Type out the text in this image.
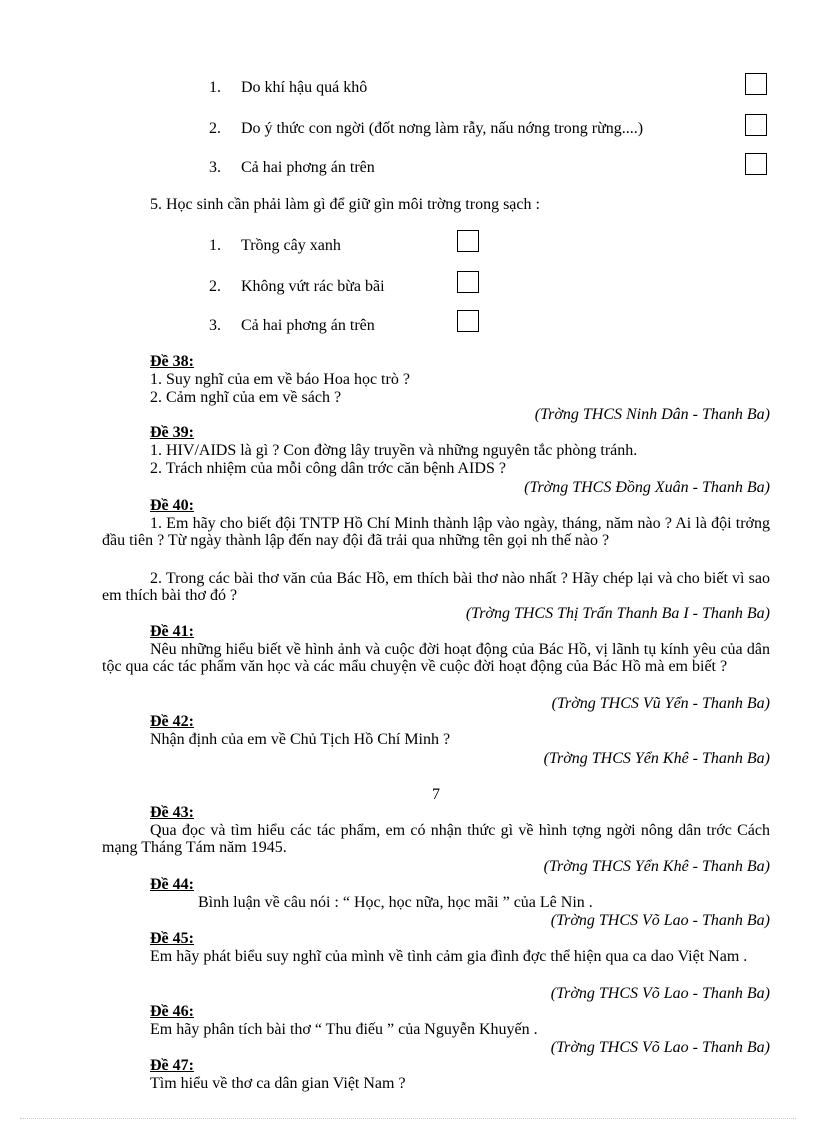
1. Do khí hậu quá khô
2. Do ý thức con ngời (đốt nơng làm rẫy, nấu nớng trong rừng....)
3. Cả hai phơng án trên
5. Học sinh cần phải làm gì để giữ gìn môi trờng trong sạch :
1. Trồng cây xanh
2. Không vứt rác bừa bãi
3. Cả hai phơng án trên
Đề 38:
1. Suy nghĩ của em về báo Hoa học trò ?
2. Cảm nghĩ của em về sách ?
(Trờng THCS Ninh Dân - Thanh Ba)
Đề 39:
1. HIV/AIDS là gì ? Con đờng lây truyền và những nguyên tắc phòng tránh.
2. Trách nhiệm của mỗi công dân trớc căn bệnh AIDS ?
(Trờng THCS Đồng Xuân - Thanh Ba)
Đề 40:
1. Em hãy cho biết đội TNTP Hồ Chí Minh thành lập vào ngày, tháng, năm nào ? Ai là đội trởng đầu tiên ? Từ ngày thành lập đến nay đội đã trải qua những tên gọi nh thế nào ?
2. Trong các bài thơ văn của Bác Hồ, em thích bài thơ nào nhất ? Hãy chép lại và cho biết vì sao em thích bài thơ đó ?
(Trờng THCS Thị Trấn Thanh Ba I - Thanh Ba)
Đề 41:
Nêu những hiểu biết về hình ảnh và cuộc đời hoạt động của Bác Hồ, vị lãnh tụ kính yêu của dân tộc qua các tác phẩm văn học và các mẩu chuyện về cuộc đời hoạt động của Bác Hồ mà em biết ?
(Trờng THCS Vũ Yển - Thanh Ba)
Đề 42:
Nhận định của em về Chủ Tịch Hồ Chí Minh ?
(Trờng THCS Yển Khê - Thanh Ba)
7
Đề 43:
Qua đọc và tìm hiểu các tác phẩm, em có nhận thức gì về hình tợng ngời nông dân trớc Cách mạng Tháng Tám năm 1945.
(Trờng THCS Yển Khê - Thanh Ba)
Đề 44:
Bình luận về câu nói : “ Học, học nữa, học mãi ” của Lê Nin .
(Trờng THCS Võ Lao - Thanh Ba)
Đề 45:
Em hãy phát biểu suy nghĩ của mình về tình cảm gia đình đợc thể hiện qua ca dao Việt Nam .
(Trờng THCS Võ Lao - Thanh Ba)
Đề 46:
Em hãy phân tích bài thơ “ Thu điếu ” của Nguyễn Khuyến .
(Trờng THCS Võ Lao - Thanh Ba)
Đề 47:
Tìm hiểu về thơ ca dân gian Việt Nam ?
